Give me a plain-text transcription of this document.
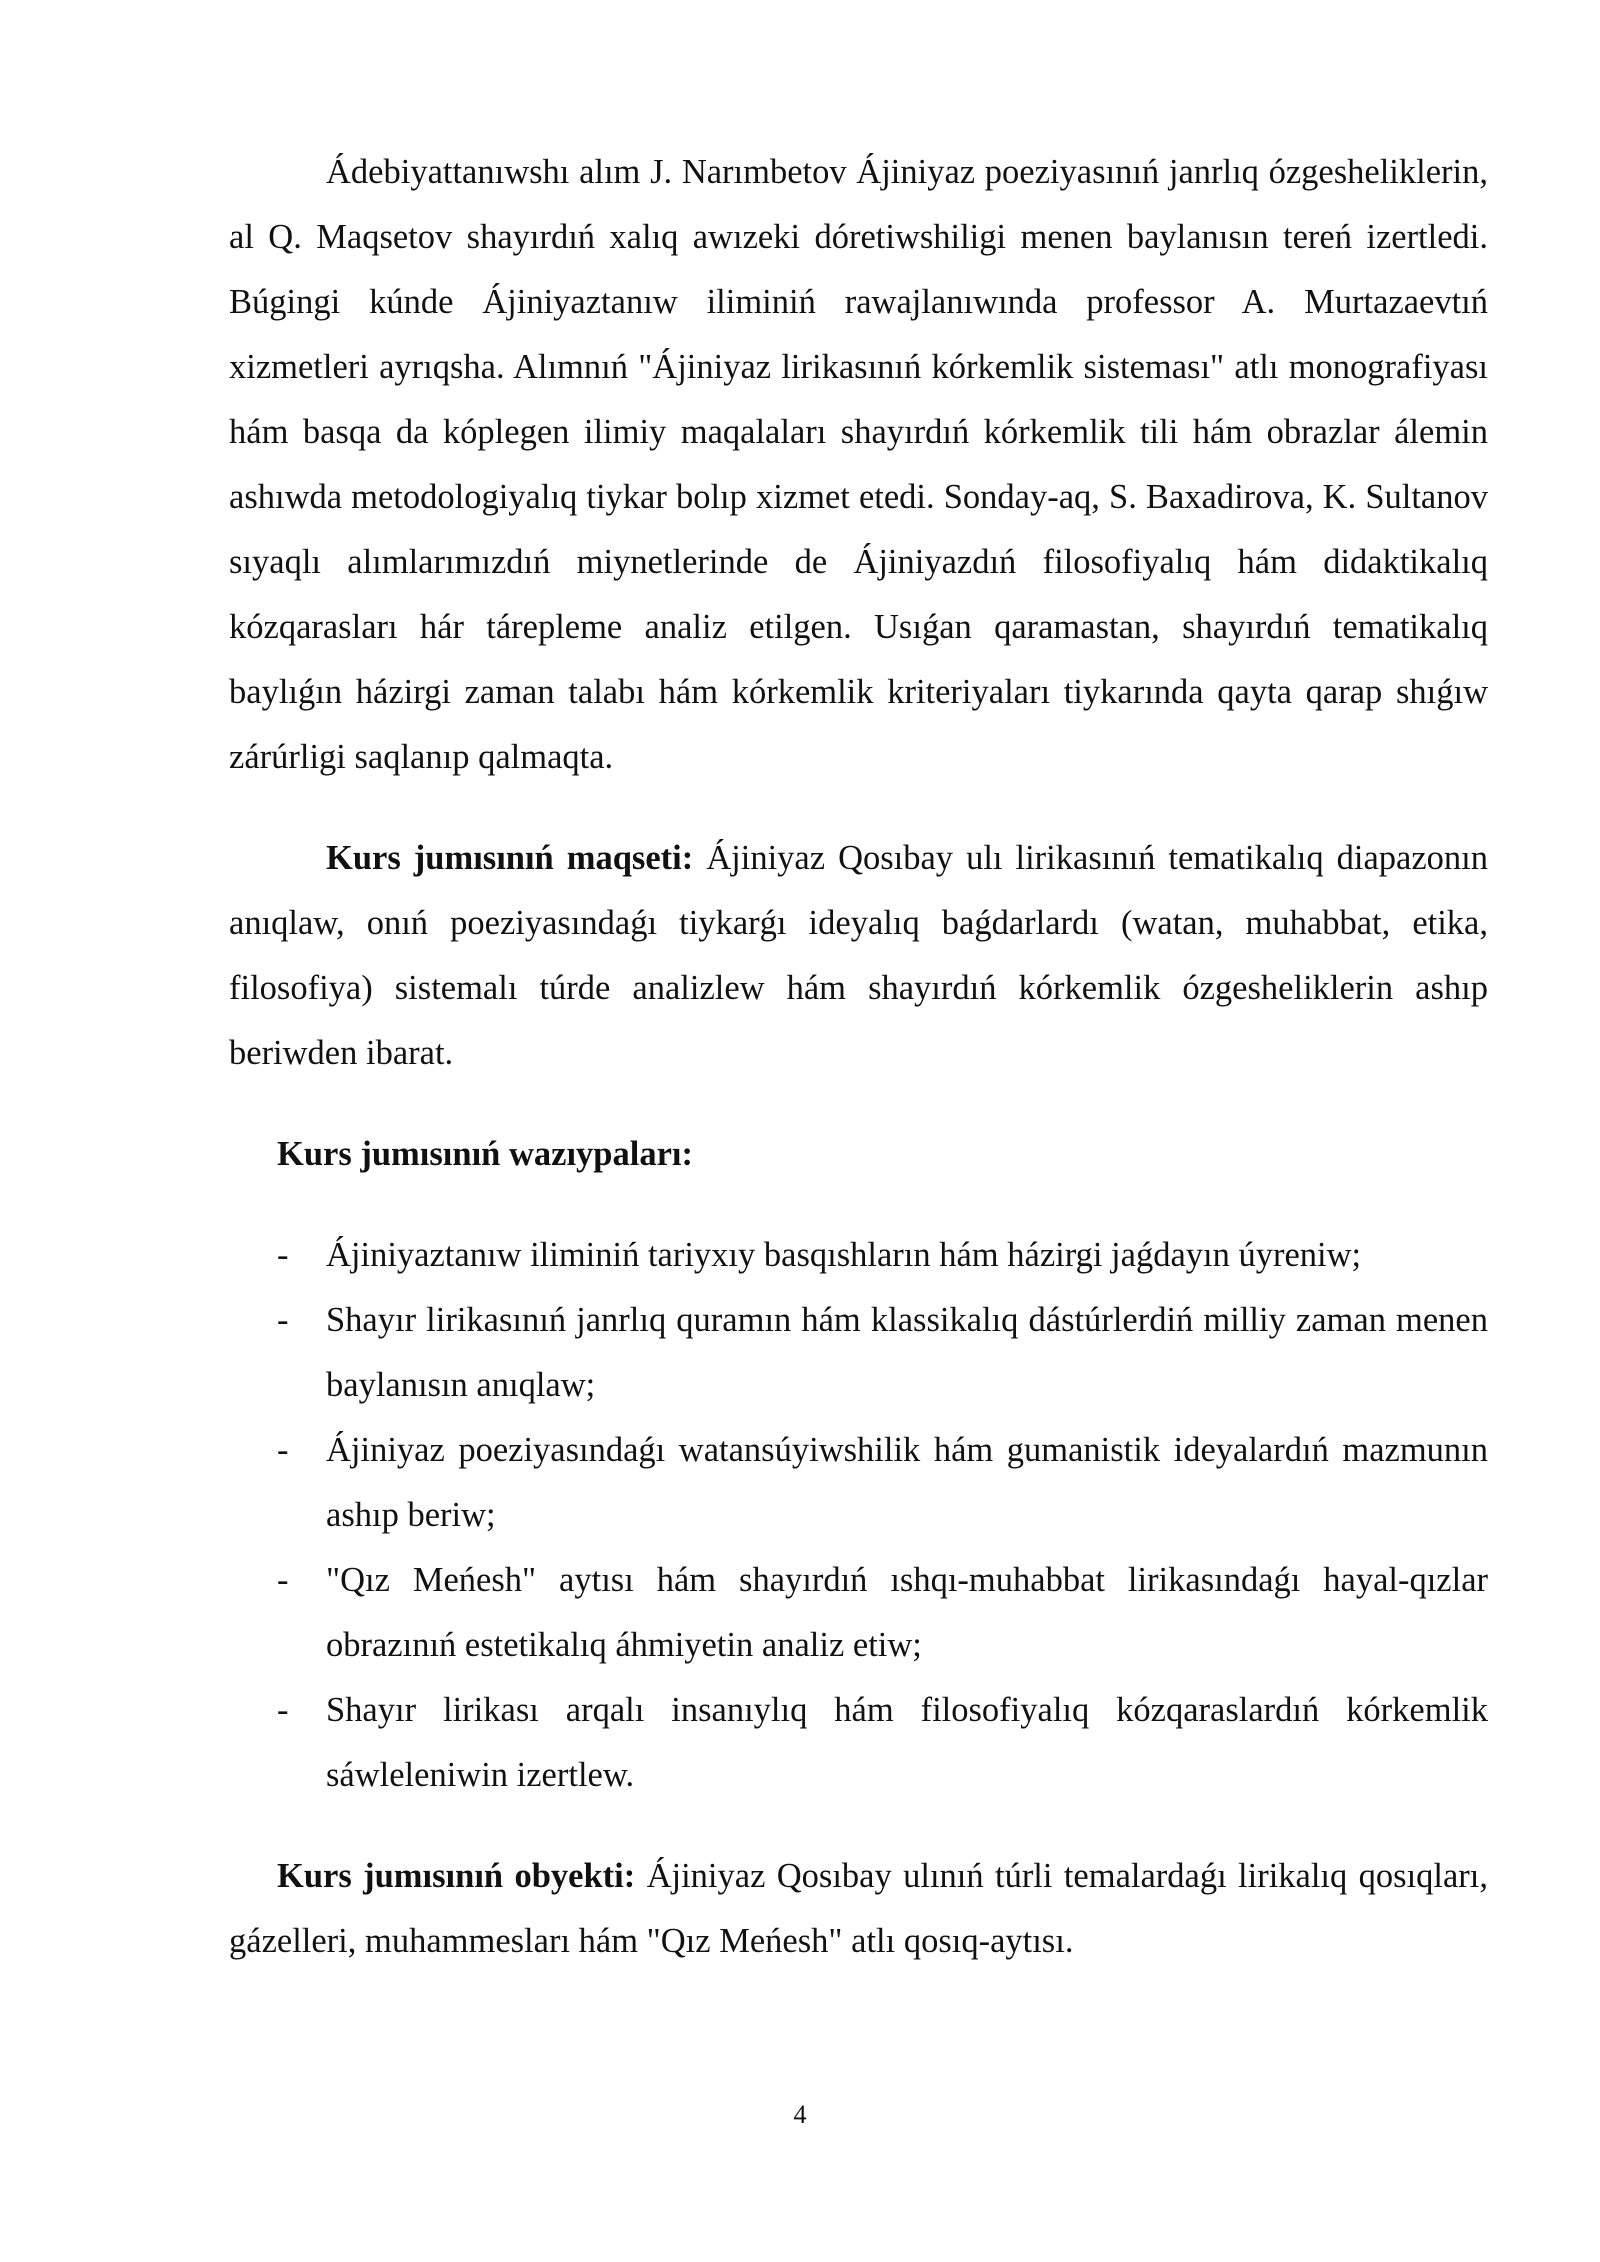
Ádebiyattanıwshı alım J. Narımbetov Ájiniyaz poeziyasınıń janrlıq ózgesheliklerin, al Q. Maqsetov shayırdıń xalıq awızeki dóretiwshiligi menen baylanısın tereń izertledi. Búgingi kúnde Ájiniyaztanıw iliminiń rawajlanıwında professor A. Murtazaevtıń xizmetleri ayrıqsha. Alımnıń "Ájiniyaz lirikasınıń kórkemlik sisteması" atlı monografiyası hám basqa da kóplegen ilimiy maqalaları shayırdıń kórkemlik tili hám obrazlar álemin ashıwda metodologiyalıq tiykar bolıp xizmet etedi. Sonday-aq, S. Baxadirova, K. Sultanov sıyaqlı alımlarımızdıń miynetlerinde de Ájiniyazdıń filosofiyalıq hám didaktikalıq kózqarasları hár tárepleme analiz etilgen. Usıǵan qaramastan, shayırdıń tematikalıq baylıǵın házirgi zaman talabı hám kórkemlik kriteriyaları tiykarında qayta qarap shıǵıw zárúrligi saqlanıp qalmaqta.

Kurs jumısınıń maqseti: Ájiniyaz Qosıbay ulı lirikasınıń tematikalıq diapazonın anıqlaw, onıń poeziyasındaǵı tiykarǵı ideyalıq baǵdarlardı (watan, muhabbat, etika, filosofiya) sistemalı túrde analizlew hám shayırdıń kórkemlik ózgesheliklerin ashıp beriwden ibarat.

Kurs jumısınıń wazıypaları:

- Ájiniyaztanıw iliminiń tariyxıy basqıshların hám házirgi jaǵdayın úyreniw;
- Shayır lirikasınıń janrlıq quramın hám klassikalıq dástúrlerdiń milliy zaman menen baylanısın anıqlaw;
- Ájiniyaz poeziyasındaǵı watansúyiwshilik hám gumanistik ideyalardıń mazmunın ashıp beriw;
- "Qız Meńesh" aytısı hám shayırdıń ıshqı-muhabbat lirikasındaǵı hayal-qızlar obrazınıń estetikalıq áhmiyetin analiz etiw;
- Shayır lirikası arqalı insanıylıq hám filosofiyalıq kózqaraslardıń kórkemlik sáwleleniwin izertlew.

Kurs jumısınıń obyekti: Ájiniyaz Qosıbay ulınıń túrli temalardaǵı lirikalıq qosıqları, gázelleri, muhammesları hám "Qız Meńesh" atlı qosıq-aytısı.

4
